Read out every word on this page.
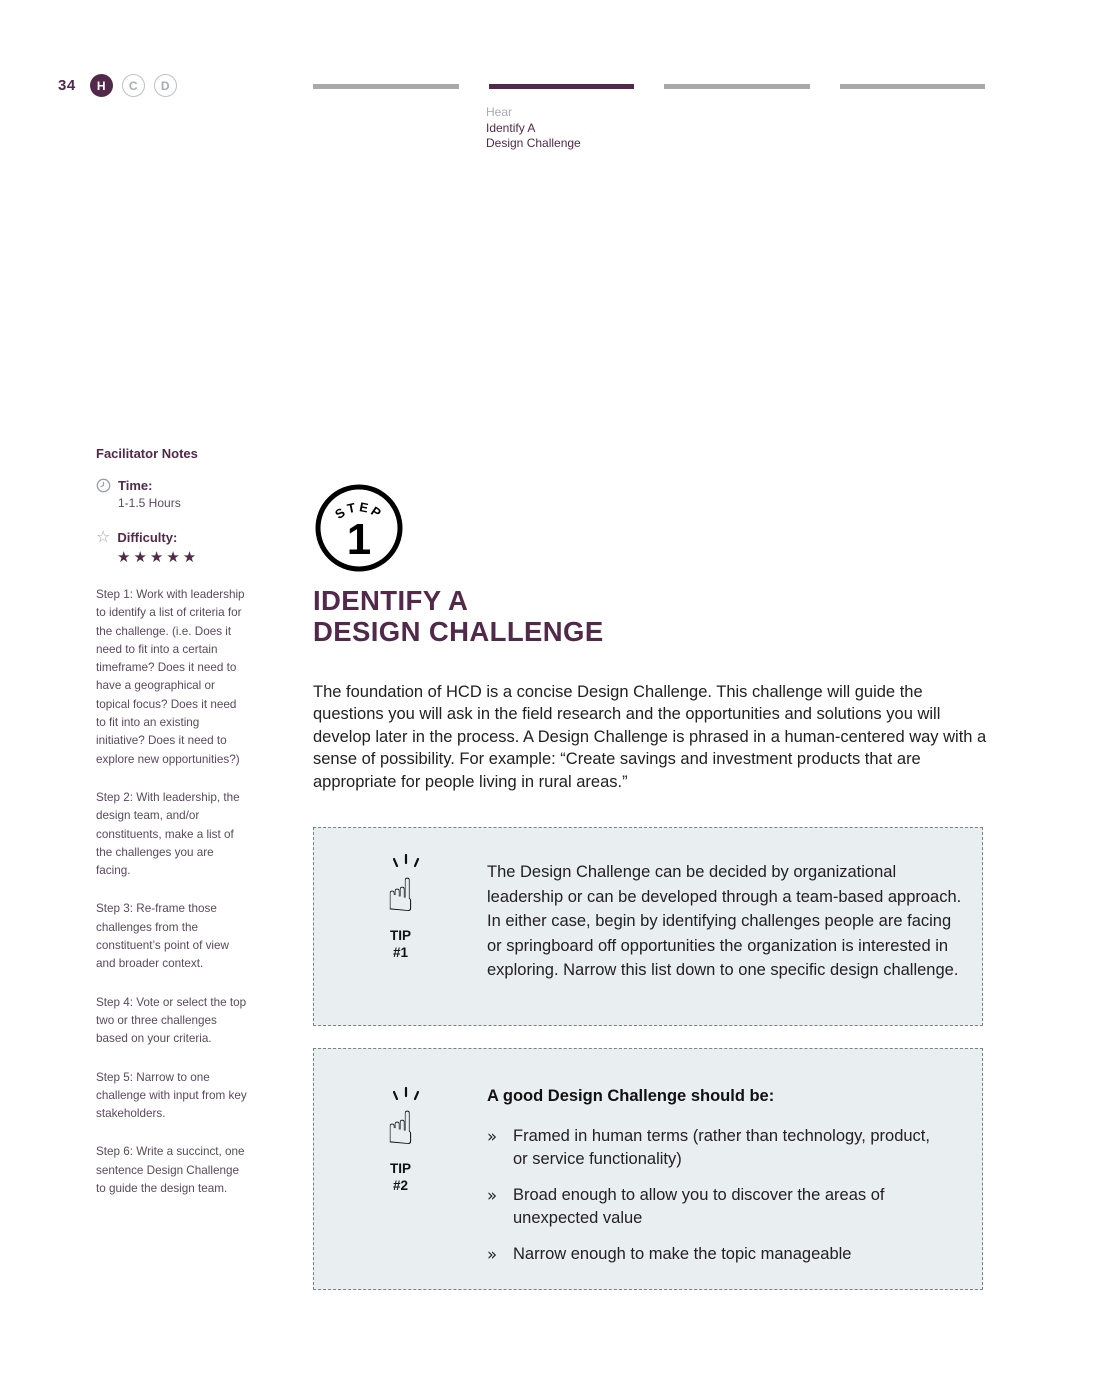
34	H	C	D
Hear
Identify A
Design Challenge

Facilitator Notes

Time:

1-1.5 Hours

☆ Difficulty:

★★★★★

Step 1: Work with leadership to identify a list of criteria for the challenge. (i.e. Does it need to fit into a certain timeframe? Does it need to have a geographical or topical focus? Does it need to fit into an existing initiative? Does it need to explore new opportunities?)

Step 2: With leadership, the design team, and/or constituents, make a list of the challenges you are facing.

Step 3: Re-frame those challenges from the constituent’s point of view and broader context.

Step 4: Vote or select the top two or three challenges based on your criteria.

Step 5: Narrow to one challenge with input from key stakeholders.

Step 6: Write a succinct, one sentence Design Challenge to guide the design team.

STEP
1
IDENTIFY A
DESIGN CHALLENGE

The foundation of HCD is a concise Design Challenge. This challenge will guide the questions you will ask in the field research and the opportunities and solutions you will develop later in the process. A Design Challenge is phrased in a human-centered way with a sense of possibility. For example: “Create savings and investment products that are appropriate for people living in rural areas.”

☝
TIP
#1

The Design Challenge can be decided by organizational leadership or can be developed through a team-based approach. In either case, begin by identifying challenges people are facing or springboard off opportunities the organization is interested in exploring. Narrow this list down to one specific design challenge.

☝
TIP
#2

A good Design Challenge should be:

» Framed in human terms (rather than technology, product, or service functionality)
» Broad enough to allow you to discover the areas of unexpected value
» Narrow enough to make the topic manageable
